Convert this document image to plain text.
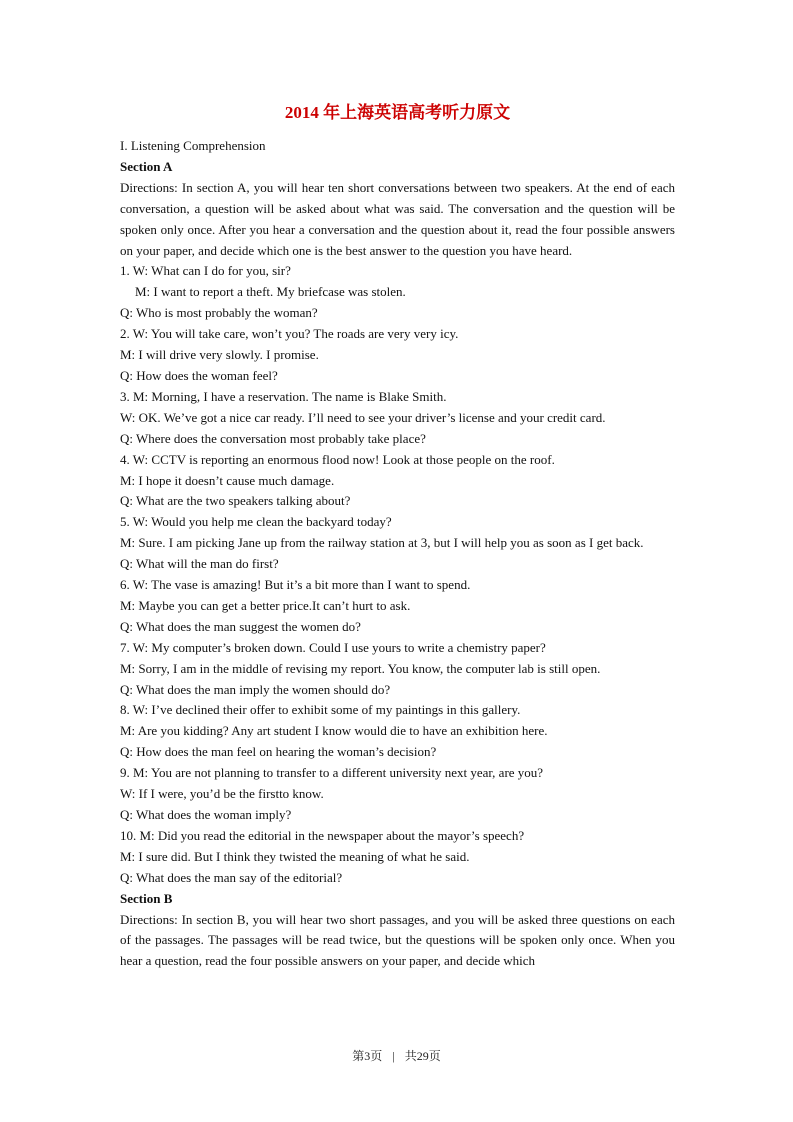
2014 年上海英语高考听力原文

I. Listening Comprehension

Section A

Directions: In section A, you will hear ten short conversations between two speakers. At the end of each conversation, a question will be asked about what was said. The conversation and the question will be spoken only once. After you hear a conversation and the question about it, read the four possible answers on your paper, and decide which one is the best answer to the question you have heard.

1. W: What can I do for you, sir?

M: I want to report a theft. My briefcase was stolen.

Q: Who is most probably the woman?

2. W: You will take care, won’t you? The roads are very very icy.

M: I will drive very slowly. I promise.

Q: How does the woman feel?

3. M: Morning, I have a reservation. The name is Blake Smith.

W: OK. We’ve got a nice car ready. I’ll need to see your driver’s license and your credit card.

Q: Where does the conversation most probably take place?

4. W: CCTV is reporting an enormous flood now! Look at those people on the roof.

M: I hope it doesn’t cause much damage.

Q: What are the two speakers talking about?

5. W: Would you help me clean the backyard today?

M: Sure. I am picking Jane up from the railway station at 3, but I will help you as soon as I get back.

Q: What will the man do first?

6. W: The vase is amazing! But it’s a bit more than I want to spend.

M: Maybe you can get a better price.It can’t hurt to ask.

Q: What does the man suggest the women do?

7. W: My computer’s broken down. Could I use yours to write a chemistry paper?

M: Sorry, I am in the middle of revising my report. You know, the computer lab is still open.

Q: What does the man imply the women should do?

8. W: I’ve declined their offer to exhibit some of my paintings in this gallery.

M: Are you kidding? Any art student I know would die to have an exhibition here.

Q: How does the man feel on hearing the woman’s decision?

9. M: You are not planning to transfer to a different university next year, are you?

W: If I were, you’d be the firstto know.

Q: What does the woman imply?

10. M: Did you read the editorial in the newspaper about the mayor’s speech?

M: I sure did. But I think they twisted the meaning of what he said.

Q: What does the man say of the editorial?

Section B

Directions: In section B, you will hear two short passages, and you will be asked three questions on each of the passages. The passages will be read twice, but the questions will be spoken only once. When you hear a question, read the four possible answers on your paper, and decide which

第3页 | 共29页
